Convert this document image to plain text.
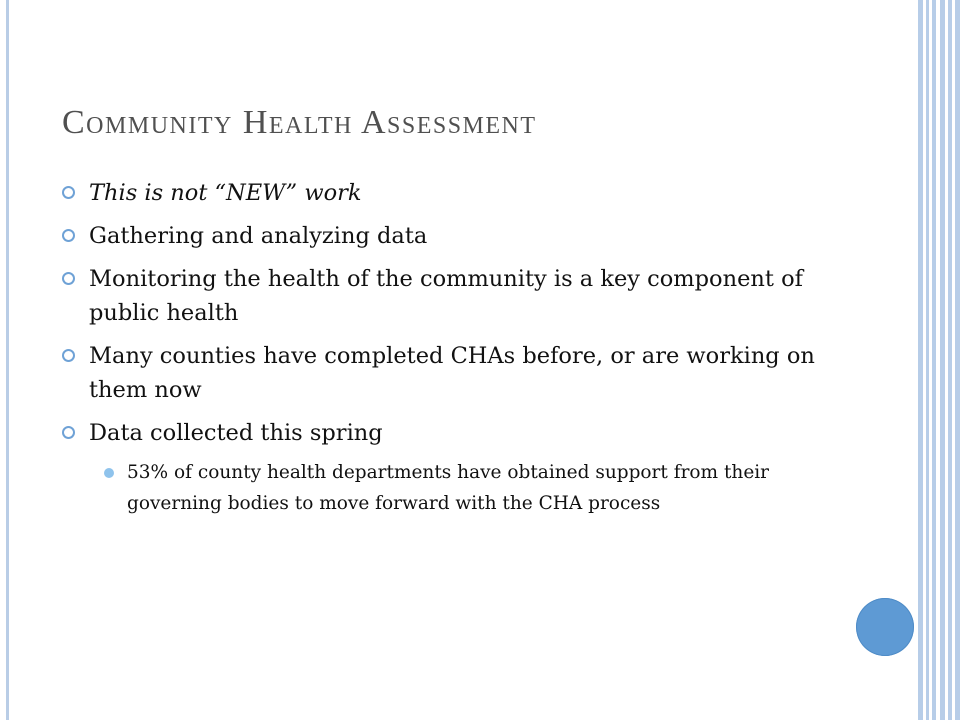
Community Health Assessment
This is not “NEW” work
Gathering and analyzing data
Monitoring the health of the community is a key component of public health
Many counties have completed CHAs before, or are working on them now
Data collected this spring
53% of county health departments have obtained support from their governing bodies to move forward with the CHA process
